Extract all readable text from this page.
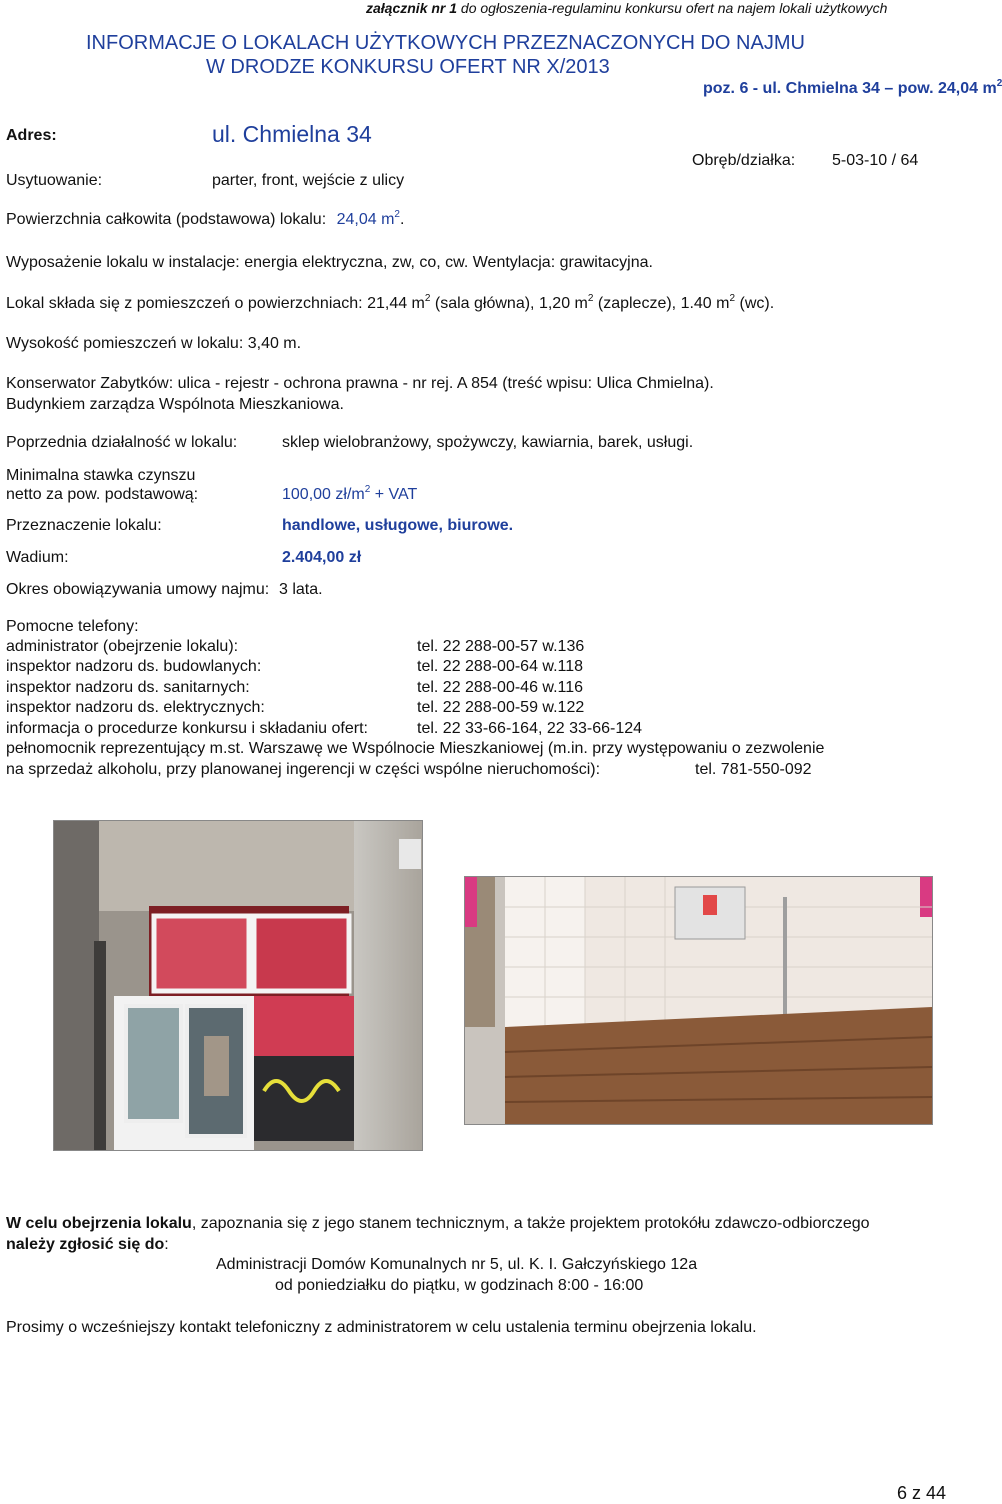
załącznik nr 1 do ogłoszenia-regulaminu konkursu ofert na najem lokali użytkowych
INFORMACJE O LOKALACH UŻYTKOWYCH PRZEZNACZONYCH DO NAJMU
W DRODZE KONKURSU OFERT NR X/2013
poz. 6 - ul. Chmielna 34 – pow. 24,04 $m^2$
Adres:	ul. Chmielna 34
Usytuowanie:	parter, front, wejście z ulicy
Obręb/działka: 5-03-10 / 64
Powierzchnia całkowita (podstawowa) lokalu: 24,04 $m^2$.
Wyposażenie lokalu w instalacje: energia elektryczna, zw, co, cw. Wentylacja: grawitacyjna.
Lokal składa się z pomieszczeń o powierzchniach: 21,44 $m^2$ (sala główna), 1,20 $m^2$ (zaplecze), 1.40 $m^2$ (wc).
Wysokość pomieszczeń w lokalu: 3,40 m.
Konserwator Zabytków: ulica - rejestr - ochrona prawna - nr rej. A 854 (treść wpisu: Ulica Chmielna).
Budynkiem zarządza Wspólnota Mieszkaniowa.
Poprzednia działalność w lokalu:	sklep wielobranżowy, spożywczy, kawiarnia, barek, usługi.
Minimalna stawka czynszu
netto za pow. podstawową:	100,00 $zł/m^2$ + VAT
Przeznaczenie lokalu:	handlowe, usługowe, biurowe.
Wadium:	2.404,00 zł
Okres obowiązywania umowy najmu: 3 lata.
Pomocne telefony:
administrator (obejrzenie lokalu):	tel. 22 288-00-57 w.136
inspektor nadzoru ds. budowlanych:	tel. 22 288-00-64 w.118
inspektor nadzoru ds. sanitarnych:	tel. 22 288-00-46 w.116
inspektor nadzoru ds. elektrycznych:	tel. 22 288-00-59 w.122
informacja o procedurze konkursu i składaniu ofert:	tel. 22 33-66-164, 22 33-66-124
pełnomocnik reprezentujący m.st. Warszawę we Wspólnocie Mieszkaniowej (m.in. przy występowaniu o zezwolenie
na sprzedaż alkoholu, przy planowanej ingerencji w części wspólne nieruchomości):	tel. 781-550-092
W celu obejrzenia lokalu, zapoznania się z jego stanem technicznym, a także projektem protokółu zdawczo-odbiorczego
należy zgłosić się do:
Administracji Domów Komunalnych nr 5, ul. K. I. Gałczyńskiego 12a
od poniedziałku do piątku, w godzinach 8:00 - 16:00
Prosimy o wcześniejszy kontakt telefoniczny z administratorem w celu ustalenia terminu obejrzenia lokalu.
6 z 44
